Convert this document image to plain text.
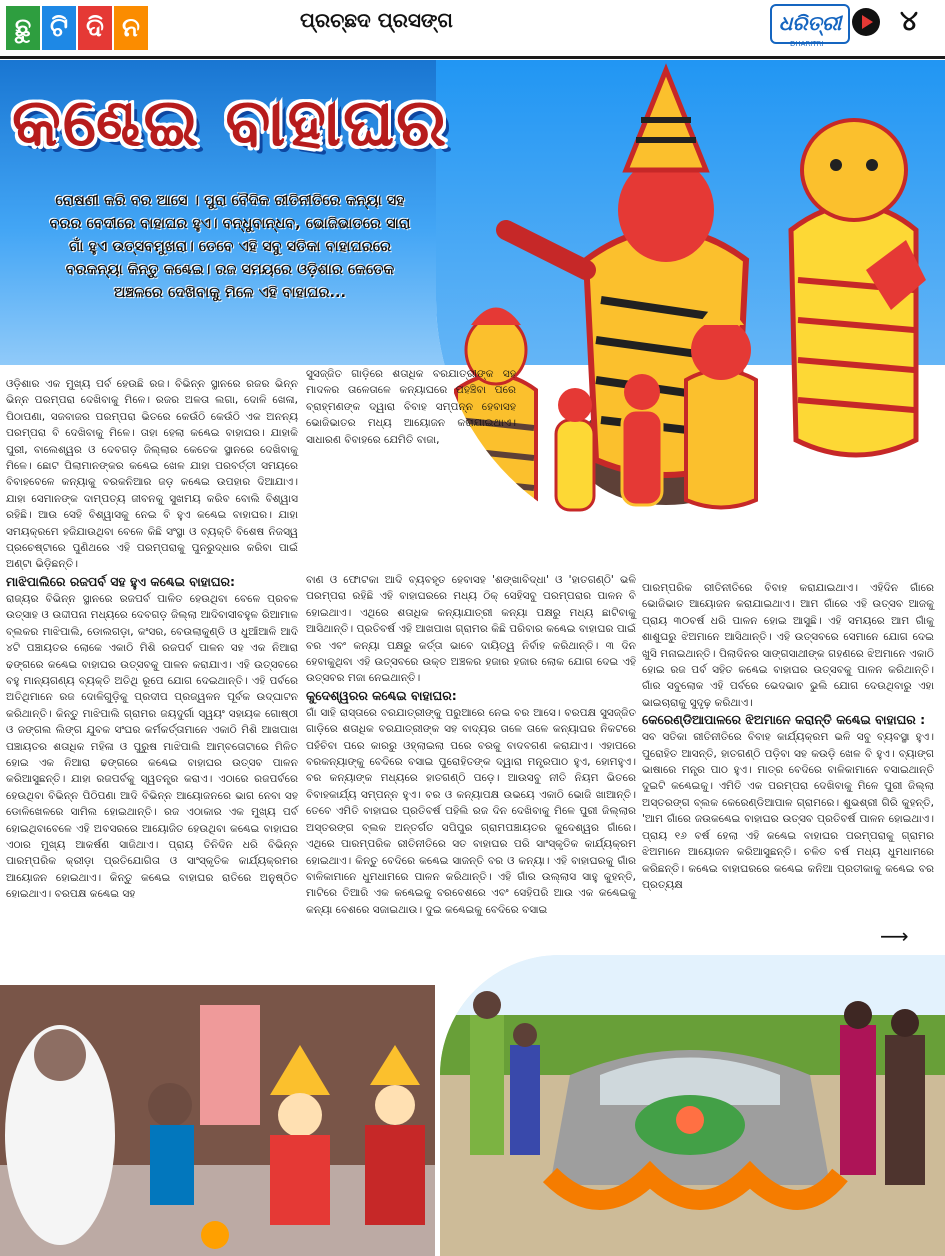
ଛୁ ଟି ଦି ନ	ପ୍ରଚ୍ଛଦ ପ୍ରସଙ୍ଗ	ଧରିତ୍ରୀ
DHARITRI
୪
କଣ୍ଢେଇ ବାହାଘର
ରୋଷଣୀ କରି ବର ଆସେ । ପୁରା ବୈଦିକ ରୀତିନୀତିରେ କନ୍ୟା ସହ ବରର ବେଦୀରେ ବାହାଘର ହୁଏ। ବନ୍ଧୁବାନ୍ଧବ, ଭୋଜିଭାତରେ ସାରା ଗାଁ ହୁଏ ଉତ୍ସବମୁଖରା। ତେବେ ଏହି ସବୁ ସତିକା ବାହାଘରରେ ବରକନ୍ୟା କିନ୍ତୁ କଣ୍ଢେଇ। ରଜ ସମୟରେ ଓଡ଼ିଶାର କେତେକ ଅଞ୍ଚଳରେ ଦେଖିବାକୁ ମିଳେ ଏହି ବାହାଘର...

ଓଡ଼ିଶାର ଏକ ମୁଖ୍ୟ ପର୍ବ ହେଉଛି ରଜ। ବିଭିନ୍ନ ସ୍ଥାନରେ ରଜର ଭିନ୍ନ ଭିନ୍ନ ପରମ୍ପରା ଦେଖିବାକୁ ମିଳେ। ରଜର ଅଳତା ଲଗା, ଦୋଳି ଖେଳା, ପିଠାପଣା, ସଜବାଜର ପରମ୍ପରା ଭିତରେ କେଉଁଠି କେଉଁଠି ଏକ ଅନନ୍ୟ ପରମ୍ପରା ବି ଦେଖିବାକୁ ମିଳେ। ତାହା ହେଲା କଣ୍ଢେଇ ବାହାଘର। ଯାହାକି ପୁରୀ, ବାଲେଶ୍ୱର ଓ ଦେବଗଡ଼ ଜିଲ୍ଲାର କେତେକ ସ୍ଥାନରେ ଦେଖିବାକୁ ମିଳେ। ଛୋଟ ପିଲାମାନଙ୍କର କଣ୍ଢେଇ ଖେଳ ଯାହା ପରବର୍ତ୍ତୀ ସମୟରେ ବିବାହବେଳେ କନ୍ୟାକୁ ବରକନିଆର ଜଡ଼ କଣ୍ଢେଇ ଉପହାର ଦିଆଯାଏ। ଯାହା ସେମାନଙ୍କ ଦାମ୍ପତ୍ୟ ଜୀବନକୁ ସୁଖମୟ କରିବ ବୋଲି ବିଶ୍ୱାସ ରହିଛି। ଆଉ ସେହି ବିଶ୍ୱାସକୁ ନେଇ ବି ହୁଏ କଣ୍ଢେଇ ବାହାଘର। ଯାହା ସମୟକ୍ରମେ ହଜିଯାଉଥିବା ବେଳେ କିଛି ସଂସ୍ଥା ଓ ବ୍ୟକ୍ତି ବିଶେଷ ନିଜସ୍ୱ ପ୍ରଚେଷ୍ଟାରେ ପୁଣିଥରେ ଏହି ପରମ୍ପରାକୁ ପୁନରୁଦ୍ଧାର କରିବା ପାଇଁ ଅଣ୍ଟା ଭିଡ଼ିଛନ୍ତି।

ମାଝିପାଲିରେ ରଜପର୍ବ ସହ ହୁଏ କଣ୍ଢେଇ ବାହାଘର:

ରାଜ୍ୟର ବିଭିନ୍ନ ସ୍ଥାନରେ ରଜପର୍ବ ପାଳିତ ହେଉଥିବା ବେଳେ ପ୍ରବଳ ଉତ୍ସାହ ଓ ଉଦ୍ଦୀପନା ମଧ୍ୟରେ ଦେବଗଡ଼ ଜିଲ୍ଲା ଆଦିବାସୀବହୁଳ ରିଆମାଳ ବ୍ଲକର ମାଝିପାଲି, ଡୋଲଗଡ଼ା, କଂସର, ବେଉଲାକୁଣ୍ଡି ଓ ଧୁଆଁଆଳି ଆଦି ୪ଟି ପଞ୍ଚାୟତର ଲୋକେ ଏକାଠି ମିଶି ରଜପର୍ବ ପାଳନ ସହ ଏକ ନିଆରା ଢଙ୍ଗରେ କଣ୍ଢେଇ ବାହାଘର ଉତ୍ସବକୁ ପାଳନ କରାଯାଏ। ଏହି ଉତ୍ସବରେ ବହୁ ମାନ୍ୟଗଣ୍ୟ ବ୍ୟକ୍ତି ଅତିଥି ରୂପେ ଯୋଗ ଦେଇଥାନ୍ତି। ଏହି ପର୍ବରେ ଅତିଥିମାନେ ରଜ ଦୋଳିଗୁଡ଼ିକୁ ପ୍ରଦୀପ ପ୍ରଜ୍ୱଳନ ପୂର୍ବକ ଉଦ୍‌ଘାଟନ କରିଥାନ୍ତି। କିନ୍ତୁ ମାଝିପାଲି ଗ୍ରାମର ଜୟଦୁର୍ଗା ସ୍ୱୟଂ ସହାୟକ ଗୋଷ୍ଠୀ ଓ ଜଙ୍ଗଲ ଲିଙ୍ଗ ଯୁବକ ସଂଘର କର୍ମକର୍ତ୍ତାମାନେ ଏକାଠି ମିଶି ଆଖପାଖ ପଞ୍ଚାୟତର ଶତାଧିକ ମହିଳା ଓ ପୁରୁଷ ମାଝିପାଲି ଆମ୍ବତୋଟାରେ ମିଳିତ ହୋଇ ଏକ ନିଆରା ଢଙ୍ଗରେ କଣ୍ଢେଇ ବାହାଘର ଉତ୍ସବ ପାଳନ କରିଆସୁଛନ୍ତି। ଯାହା ରଜପର୍ବକୁ ସ୍ୱତନ୍ତ୍ର କରାଏ। ଏଠାରେ ରଜପର୍ବରେ ହେଉଥିବା ବିଭିନ୍ନ ପିଠିପଣା ଆଦି ବିଭିନ୍ନ ଆୟୋଜନରେ ଭାଗ ନେବା ସହ ଡୋଳିଖେଳରେ ସାମିଲ ହୋଇଥାନ୍ତି। ରଜ ଏଠାକାର ଏକ ମୁଖ୍ୟ ପର୍ବ ହୋଇଥିବାବେଳେ ଏହି ଅବସରରେ ଆୟୋଜିତ ହେଉଥିବା କଣ୍ଢେଇ ବାହାଘର ଏଠାର ମୁଖ୍ୟ ଆକର୍ଷଣ ସାଜିଥାଏ। ପ୍ରାୟ ତିନିଦିନ ଧରି ବିଭିନ୍ନ ପାରମ୍ପରିକ କ୍ରୀଡ଼ା ପ୍ରତିଯୋଗିତା ଓ ସାଂସ୍କୃତିକ କାର୍ଯ୍ୟକ୍ରମର ଆୟୋଜନ ହୋଇଥାଏ। କିନ୍ତୁ କଣ୍ଢେଇ ବାହାଘର ରାତିରେ ଅନୁଷ୍ଠିତ ହୋଇଥାଏ। ବରପକ୍ଷ କଣ୍ଢେଇ ସହ

ସୁସଜ୍ଜିତ ଗାଡ଼ିରେ ଶତାଧିକ ବରଯାତ୍ରୀଙ୍କ ସହ ମାଦଳର ତାଳେତାଳେ କନ୍ୟାଘରେ ପହଞ୍ଚିବା ପରେ ବ୍ରାହ୍ମଣଙ୍କ ଦ୍ୱାରା ବିବାହ ସମ୍ପନ୍ନ ହେବାସହ ଭୋଜିଭାତର ମଧ୍ୟ ଆୟୋଜନ କରାଯାଇଥାଏ। ସାଧାରଣ ବିବାହରେ ଯେମିତି ବାଜା,

ବାଣ ଓ ଫୋଟକା ଆଦି ବ୍ୟବହୃତ ହେବାସହ 'ଶଙ୍ଖାବିଦ୍ଧା' ଓ 'ହାତଗଣ୍ଠି' ଭଳି ପରମ୍ପରା ରହିଛି ଏହି ବାହାଘରରେ ମଧ୍ୟ ଠିକ୍ ସେହିସବୁ ପରମ୍ପରାର ପାଳନ ବି ହୋଇଥାଏ। ଏଥିରେ ଶତାଧିକ କନ୍ୟାଯାତ୍ରୀ କନ୍ୟା ପକ୍ଷରୁ ମଧ୍ୟ ଛାଟିବାକୁ ଆସିଥାନ୍ତି। ପ୍ରତିବର୍ଷ ଏହି ଆଖପାଖ ଗ୍ରାମର କିଛି ପରିବାର କଣ୍ଢେଇ ବାହାଘର ପାଇଁ ବର ଏବଂ କନ୍ୟା ପକ୍ଷରୁ କର୍ତ୍ତା ଭାବେ ଦାୟିତ୍ୱ ନିର୍ବାହ କରିଥାନ୍ତି। ୩ ଦିନ ହେବାକୁଥିବା ଏହି ଉତ୍ସବରେ ଉକ୍ତ ଅଞ୍ଚଳର ହଜାର ହଜାର ଲୋକ ଯୋଗ ଦେଇ ଏହି ଉତ୍ସବର ମଜା ନେଇଥାନ୍ତି।

କୁଦେଶ୍ୱରର କଣ୍ଢେଇ ବାହାଘର:

ଗାଁ ସାହି ରାସ୍ତାରେ ବରଯାତ୍ରୀଙ୍କୁ ପରୁଆରେ ନେଇ ବର ଆସେ। ବରପକ୍ଷ ସୁସଜ୍ଜିତ ଗାଡ଼ିରେ ଶତାଧିକ ବରଯାତ୍ରୀଙ୍କ ସହ ବାଦ୍ୟର ତାଳେ ତାଳେ କନ୍ୟାଘର ନିକଟରେ ପହଁଚିବା ପରେ କାରରୁ ଓହ୍ଲାଇଲା ପରେ ବରକୁ ବାଦବଗଣ କରାଯାଏ। ଏହାପରେ ବରକନ୍ୟାଙ୍କୁ ବେଦିରେ ବସାଇ ପୁରୋହିତଙ୍କ ଦ୍ୱାରା ମନ୍ତ୍ରପାଠ ହୁଏ, ହୋମହୁଏ। ବର କନ୍ୟାଙ୍କ ମଧ୍ୟରେ ହାତଗଣ୍ଠି ପଡ଼େ। ଆଉସବୁ ନୀତି ନିୟମ ଭିତରେ ବିବାହକାର୍ଯ୍ୟ ସମ୍ପନ୍ନ ହୁଏ। ବର ଓ କନ୍ୟାପକ୍ଷ ଉଭୟେ ଏକାଠି ଭୋଜି ଖାଆନ୍ତି। ତେବେ ଏମିତି ବାହାଘର ପ୍ରତିବର୍ଷ ପହିଲି ରଜ ଦିନ ଦେଖିବାକୁ ମିଳେ ପୁରୀ ଜିଲ୍ଲାର ଅସ୍ତରଙ୍ଗ ବ୍ଲକ ଅନ୍ତର୍ଗତ ସପିପୁର ଗ୍ରାମପଞ୍ଚାୟତର କୁଦେଶ୍ୱର ଗାଁରେ। ଏଥିରେ ପାରମ୍ପରିକ ରୀତିନୀତିରେ ସତ ବାହାଘର ପରି ସାଂସ୍କୃତିକ କାର୍ଯ୍ୟକ୍ରମ ହୋଇଥାଏ। କିନ୍ତୁ ବେଦିରେ କଣ୍ଢେଇ ସାଜନ୍ତି ବର ଓ କନ୍ୟା। ଏହି ବାହାଘରକୁ ଗାଁର ବାଳିକାମାନେ ଧୁମଧାମରେ ପାଳନ କରିଥାନ୍ତି। ଏହି ଗାଁର ଉଲ୍ଲାସ ସାହୁ କୁହନ୍ତି, ମାଟିରେ ତିଆରି ଏକ କଣ୍ଢେଇକୁ ବରବେଶରେ ଏବଂ ସେହିପରି ଆଉ ଏକ କଣ୍ଢେଇକୁ କନ୍ୟା ବେଶରେ ସଜାଇଥାଉ। ଦୁଇ କଣ୍ଢେଇକୁ ବେଦିରେ ବସାଇ

ପାରମ୍ପରିକ ରୀତିନୀତିରେ ବିବାହ କରାଯାଇଥାଏ। ଏହିଦିନ ଗାଁରେ ଭୋଜିଭାତ ଆୟୋଜନ କରାଯାଇଥାଏ। ଆମ ଗାଁରେ ଏହି ଉତ୍ସବ ଆଜକୁ ପ୍ରାୟ ୩୦ବର୍ଷ ଧରି ପାଳନ ହୋଇ ଆସୁଛି। ଏହି ସମୟରେ ଆମ ଗାଁକୁ ଶାଶୁଘରୁ ଝିଅମାନେ ଆସିଥାନ୍ତି। ଏହି ଉତ୍ସବରେ ସେମାନେ ଯୋଗ ଦେଇ ଖୁସି ମନାଇଥାନ୍ତି। ପିଲାଦିନର ସାଙ୍ଗସାଥୀଙ୍କ ଗହଣରେ ଝିଅମାନେ ଏକାଠି ହୋଇ ରଜ ପର୍ବ ସହିତ କଣ୍ଢେଇ ବାହାଘର ଉତ୍ସବକୁ ପାଳନ କରିଥାନ୍ତି। ଗାଁର ସବୁଲୋକ ଏହି ପର୍ବରେ ଭେଦଭାବ ଭୁଲି ଯୋଗ ଦେଉଥିବାରୁ ଏହା ଭାଇଚାରାକୁ ସୁଦୃଢ଼ କରିଥାଏ।

କେରେଣ୍ଡିଆପାଳରେ ଝିଅମାନେ କରାନ୍ତି କଣ୍ଢେଇ ବାହାଘର :

ସବ ସତିକା ରୀତିନୀତିରେ ବିବାହ କାର୍ଯ୍ୟକ୍ରମ ଭଳି ସବୁ ବ୍ୟବସ୍ଥା ହୁଏ। ପୁରୋହିତ ଆସନ୍ତି, ହାତଗଣ୍ଠି ପଡ଼ିବା ସହ କଉଡ଼ି ଖେଳ ବି ହୁଏ। ବ୍ୟାଙ୍ଗ ଭାଷାରେ ମନ୍ତ୍ର ପାଠ ହୁଏ। ମାତ୍ର ବେଦିରେ ବାଳିକାମାନେ ବସାଇଥାନ୍ତି ଦୁଇଟି କଣ୍ଢେଇକୁ। ଏମିତି ଏକ ପରମ୍ପରା ଦେଖିବାକୁ ମିଳେ ପୁରୀ ଜିଲ୍ଲା ଅସ୍ତରଙ୍ଗ ବ୍ଲକ କେରେଣ୍ଡିଆପାଳ ଗ୍ରାମରେ। ଶୁଭଶ୍ରୀ ଗିରି କୁହନ୍ତି, 'ଆମ ଗାଁରେ ଜଉକଣ୍ଢେଇ ବାହାଘର ଉତ୍ସବ ପ୍ରତିବର୍ଷ ପାଳନ ହୋଇଥାଏ। ପ୍ରାୟ ୧୬ ବର୍ଷ ହେଲା ଏହି କଣ୍ଢେଇ ବାହାଘର ପରମ୍ପରାକୁ ଗ୍ରାମର ଝିଅମାନେ ଆୟୋଜନ କରିଆସୁଛନ୍ତି। ଚଳିତ ବର୍ଷ ମଧ୍ୟ ଧୁମଧାମରେ କରିଛନ୍ତି। କଣ୍ଢେଇ ବାହାଘରରେ କଣ୍ଢେଇ କନିଆ ପ୍ରତୀକାକୁ କଣ୍ଢେଇ ବର ପ୍ରତ୍ୟକ୍ଷ

⟶
